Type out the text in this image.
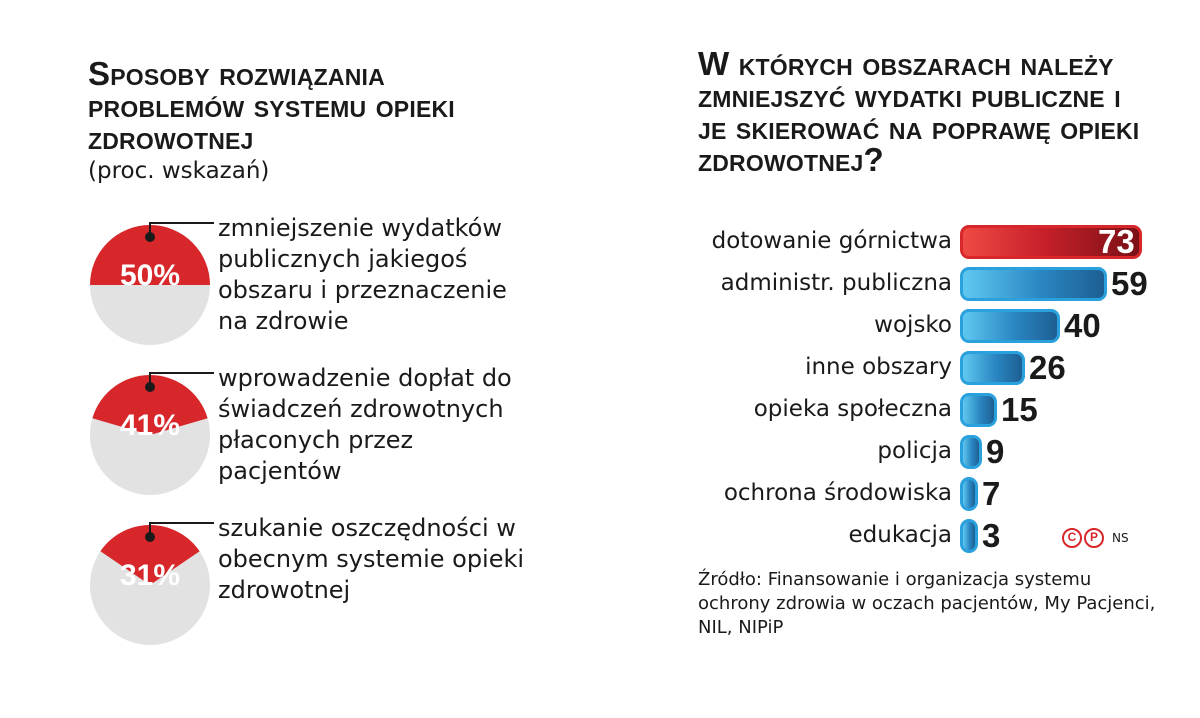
Sposoby rozwiązania problemów systemu opieki zdrowotnej
(proc. wskazań)
50%
zmniejszenie wydatków publicznych jakiegoś obszaru i przeznaczenie na zdrowie
41%
wprowadzenie dopłat do świadczeń zdrowotnych płaconych przez pacjentów
31%
szukanie oszczędności w obecnym systemie opieki zdrowotnej
W których obszarach należy zmniejszyć wydatki publiczne i je skierować na poprawę opieki zdrowotnej?
dotowanie górnictwa	73
administr. publiczna	59
wojsko	40
inne obszary 26
opieka społeczna 15
policja 9
ochrona środowiska 7
edukacja 3	C	P	NS
Źródło: Finansowanie i organizacja systemu ochrony zdrowia w oczach pacjentów, My Pacjenci, NIL, NIPiP
